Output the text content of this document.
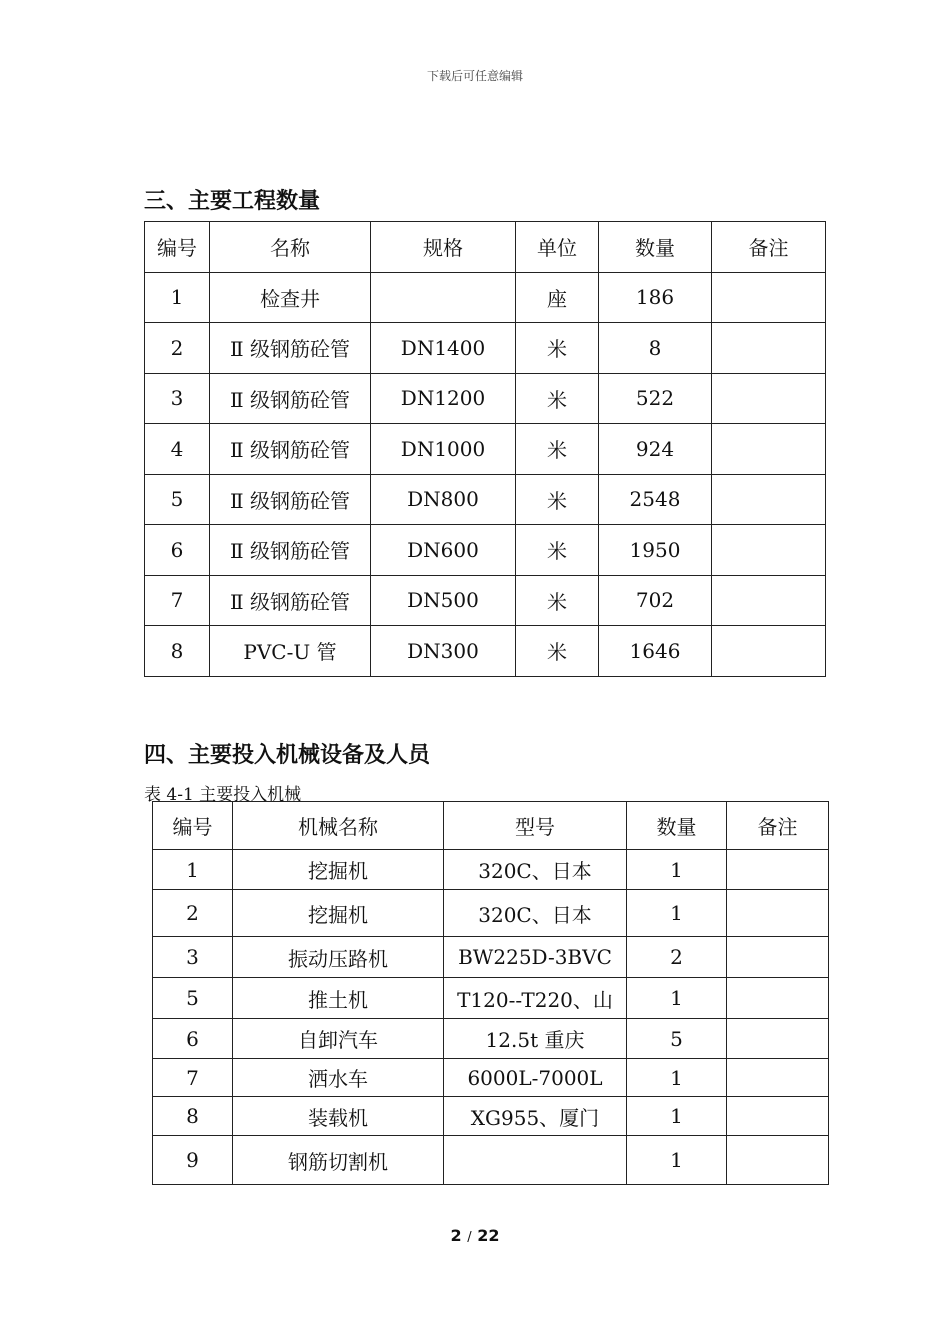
下载后可任意编辑
三、主要工程数量
编号	名称	规格	单位	数量	备注
1	检查井		座	186	
2	Ⅱ 级钢筋砼管	DN1400	米	8	
3	Ⅱ 级钢筋砼管	DN1200	米	522	
4	Ⅱ 级钢筋砼管	DN1000	米	924	
5	Ⅱ 级钢筋砼管	DN800	米	2548	
6	Ⅱ 级钢筋砼管	DN600	米	1950	
7	Ⅱ 级钢筋砼管	DN500	米	702	
8	PVC-U 管	DN300	米	1646	
四、主要投入机械设备及人员
表 4-1 主要投入机械
编号	机械名称	型号	数量	备注
1	挖掘机	320C、日本	1	
2	挖掘机	320C、日本	1	
3	振动压路机	BW225D-3BVC	2	
5	推土机	T120--T220、山	1	
6	自卸汽车	12.5t 重庆	5	
7	洒水车	6000L-7000L	1	
8	装载机	XG955、厦门	1	
9	钢筋切割机		1	
2 / 22
